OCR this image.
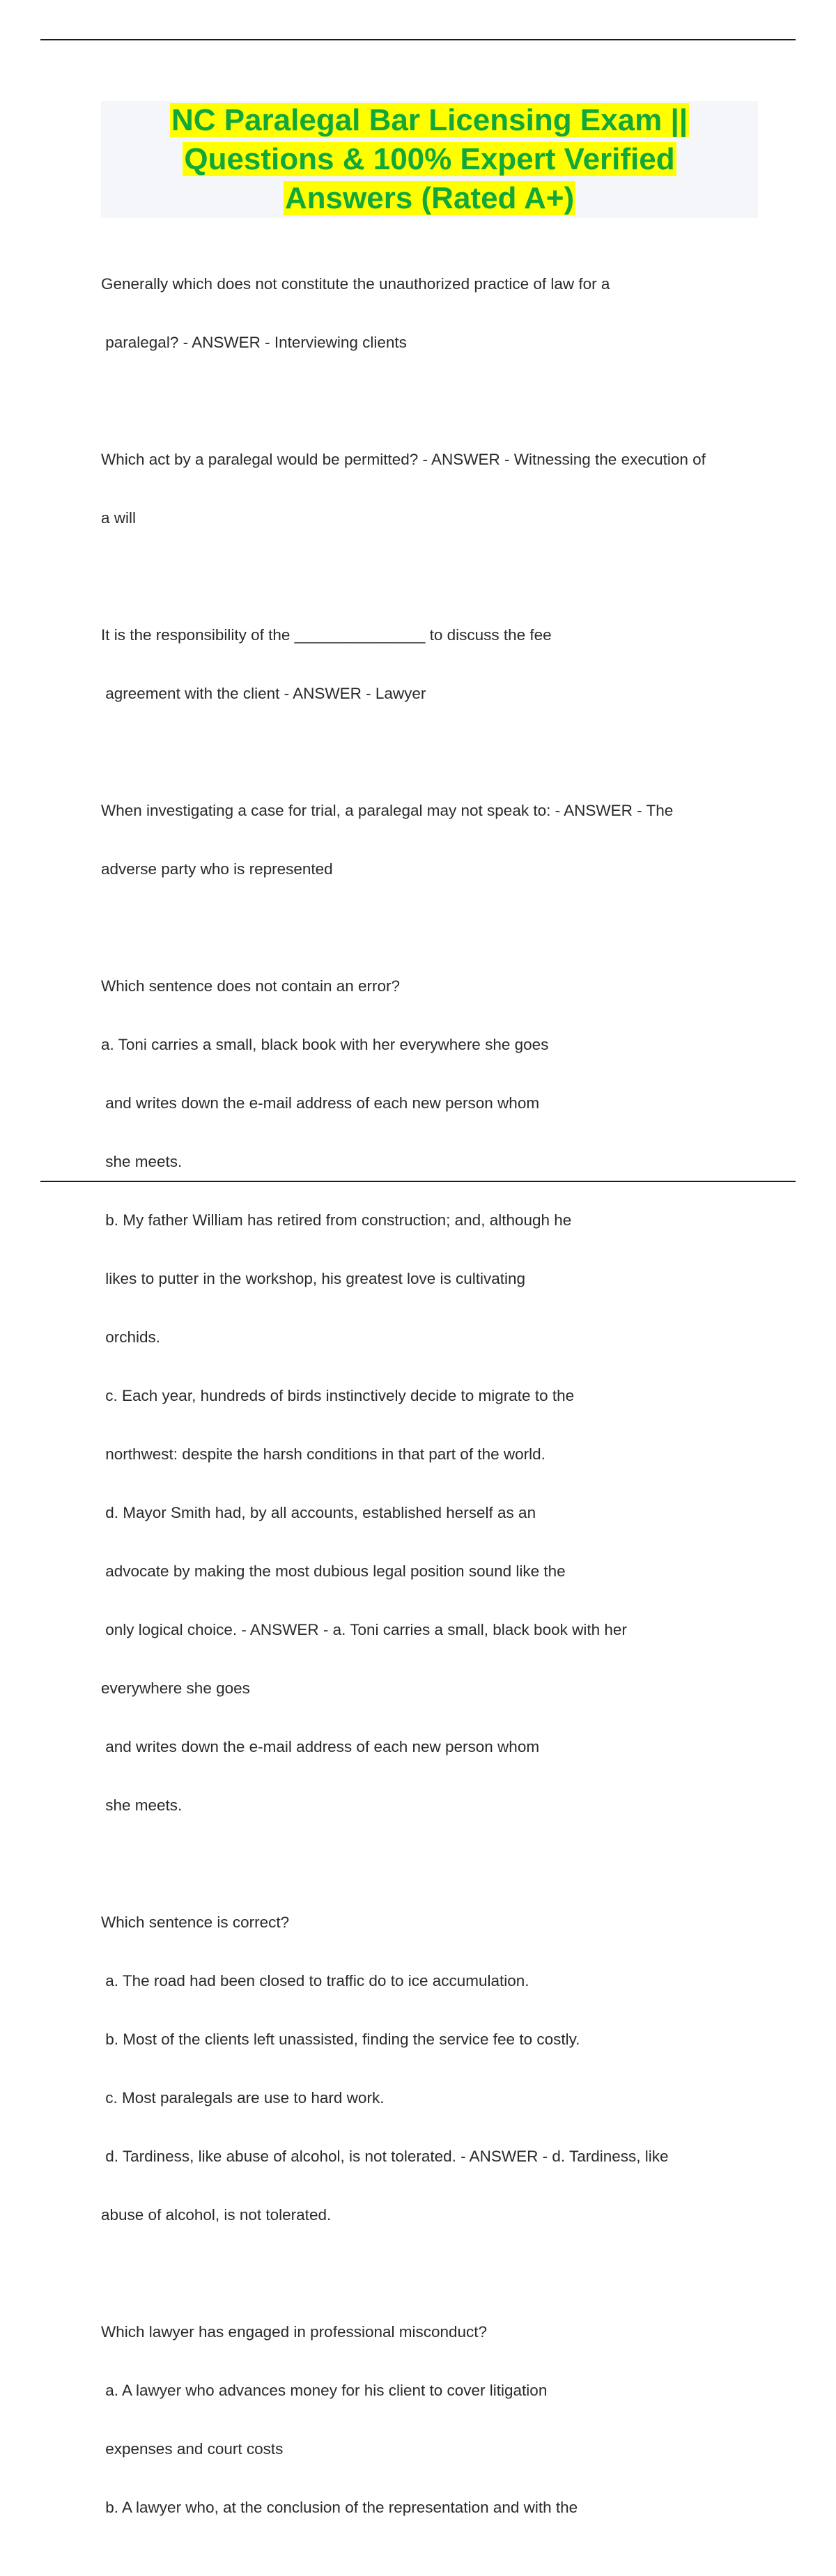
NC Paralegal Bar Licensing Exam ||
Questions & 100% Expert Verified
Answers (Rated A+)

Generally which does not constitute the unauthorized practice of law for a

paralegal? - ANSWER - Interviewing clients

Which act by a paralegal would be permitted? - ANSWER - Witnessing the execution of

a will

It is the responsibility of the _______________ to discuss the fee

agreement with the client - ANSWER - Lawyer

When investigating a case for trial, a paralegal may not speak to: - ANSWER - The

adverse party who is represented

Which sentence does not contain an error?

a. Toni carries a small, black book with her everywhere she goes

and writes down the e-mail address of each new person whom

she meets.

b. My father William has retired from construction; and, although he

likes to putter in the workshop, his greatest love is cultivating

orchids.

c. Each year, hundreds of birds instinctively decide to migrate to the

northwest: despite the harsh conditions in that part of the world.

d. Mayor Smith had, by all accounts, established herself as an

advocate by making the most dubious legal position sound like the

only logical choice. - ANSWER - a. Toni carries a small, black book with her

everywhere she goes

and writes down the e-mail address of each new person whom

she meets.

Which sentence is correct?

a. The road had been closed to traffic do to ice accumulation.

b. Most of the clients left unassisted, finding the service fee to costly.

c. Most paralegals are use to hard work.

d. Tardiness, like abuse of alcohol, is not tolerated. - ANSWER - d. Tardiness, like

abuse of alcohol, is not tolerated.

Which lawyer has engaged in professional misconduct?

a. A lawyer who advances money for his client to cover litigation

expenses and court costs

b. A lawyer who, at the conclusion of the representation and with the
